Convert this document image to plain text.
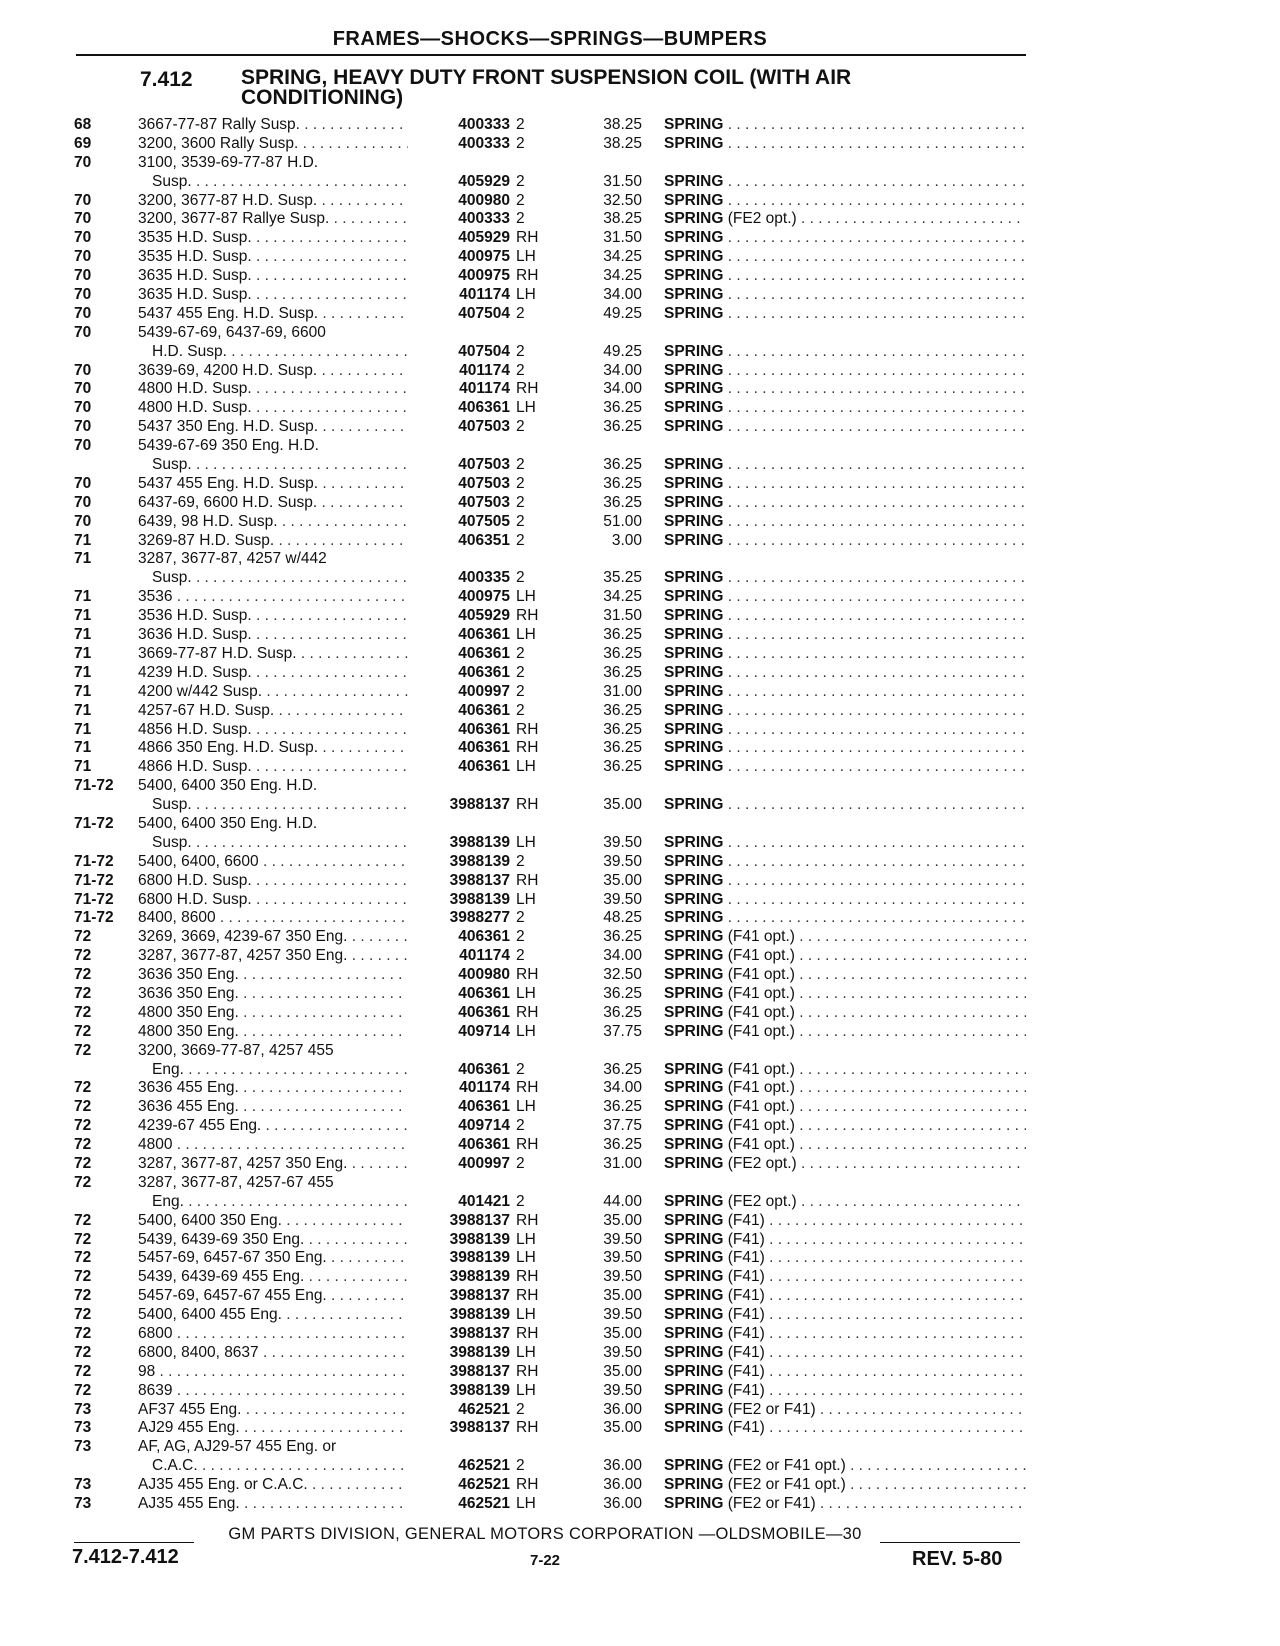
FRAMES—SHOCKS—SPRINGS—BUMPERS
7.412 SPRING, HEAVY DUTY FRONT SUSPENSION COIL (WITH AIR CONDITIONING)
68	3667-77-87 Rally Susp. . . .	400333 2	38.25 SPRING . . .
69	3200, 3600 Rally Susp. . . .	400333 2	38.25 SPRING . . .
70	3100, 3539-69-77-87 H.D.
Susp. . . .	405929 2	31.50 SPRING . . .
70	3200, 3677-87 H.D. Susp. . . .	400980 2	32.50 SPRING . . .
70	3200, 3677-87 Rallye Susp. . . .	400333 2	38.25 SPRING (FE2 opt.) . . .
70	3535 H.D. Susp. . . .	405929 RH	31.50 SPRING . . .
70	3535 H.D. Susp. . . .	400975 LH	34.25 SPRING . . .
70	3635 H.D. Susp. . . .	400975 RH	34.25 SPRING . . .
70	3635 H.D. Susp. . . .	401174 LH	34.00 SPRING . . .
70	5437 455 Eng. H.D. Susp. . . .	407504 2	49.25 SPRING . . .
70	5439-67-69, 6437-69, 6600
H.D. Susp. . . .	407504 2	49.25 SPRING . . .
70	3639-69, 4200 H.D. Susp. . . .	401174 2	34.00 SPRING . . .
70	4800 H.D. Susp. . . .	401174 RH	34.00 SPRING . . .
70	4800 H.D. Susp. . . .	406361 LH	36.25 SPRING . . .
70	5437 350 Eng. H.D. Susp. . . .	407503 2	36.25 SPRING . . .
70	5439-67-69 350 Eng. H.D.
Susp. . . .	407503 2	36.25 SPRING . . .
70	5437 455 Eng. H.D. Susp. . . .	407503 2	36.25 SPRING . . .
70	6437-69, 6600 H.D. Susp. . . .	407503 2	36.25 SPRING . . .
70	6439, 98 H.D. Susp. . . .	407505 2	51.00 SPRING . . .
71	3269-87 H.D. Susp. . . .	406351 2	3.00 SPRING . . .
71	3287, 3677-87, 4257 w/442
Susp. . . .	400335 2	35.25 SPRING . . .
71	3536 . . .	400975 LH	34.25 SPRING . . .
71	3536 H.D. Susp. . . .	405929 RH	31.50 SPRING . . .
71	3636 H.D. Susp. . . .	406361 LH	36.25 SPRING . . .
71	3669-77-87 H.D. Susp. . . .	406361 2	36.25 SPRING . . .
71	4239 H.D. Susp. . . .	406361 2	36.25 SPRING . . .
71	4200 w/442 Susp. . . .	400997 2	31.00 SPRING . . .
71	4257-67 H.D. Susp. . . .	406361 2	36.25 SPRING . . .
71	4856 H.D. Susp. . . .	406361 RH	36.25 SPRING . . .
71	4866 350 Eng. H.D. Susp. . . .	406361 RH	36.25 SPRING . . .
71	4866 H.D. Susp. . . .	406361 LH	36.25 SPRING . . .
71-72	5400, 6400 350 Eng. H.D.
Susp. . . .	3988137 RH	35.00 SPRING . . .
71-72	5400, 6400 350 Eng. H.D.
Susp. . . .	3988139 LH	39.50 SPRING . . .
71-72	5400, 6400, 6600 . . .	3988139 2	39.50 SPRING . . .
71-72	6800 H.D. Susp. . . .	3988137 RH	35.00 SPRING . . .
71-72	6800 H.D. Susp. . . .	3988139 LH	39.50 SPRING . . .
71-72	8400, 8600 . . .	3988277 2	48.25 SPRING . . .
72	3269, 3669, 4239-67 350 Eng. . . .	406361 2	36.25 SPRING (F41 opt.) . . .
72	3287, 3677-87, 4257 350 Eng. . . .	401174 2	34.00 SPRING (F41 opt.) . . .
72	3636 350 Eng. . . .	400980 RH	32.50 SPRING (F41 opt.) . . .
72	3636 350 Eng. . . .	406361 LH	36.25 SPRING (F41 opt.) . . .
72	4800 350 Eng. . . .	406361 RH	36.25 SPRING (F41 opt.) . . .
72	4800 350 Eng. . . .	409714 LH	37.75 SPRING (F41 opt.) . . .
72	3200, 3669-77-87, 4257 455
Eng. . . .	406361 2	36.25 SPRING (F41 opt.) . . .
72	3636 455 Eng. . . .	401174 RH	34.00 SPRING (F41 opt.) . . .
72	3636 455 Eng. . . .	406361 LH	36.25 SPRING (F41 opt.) . . .
72	4239-67 455 Eng. . . .	409714 2	37.75 SPRING (F41 opt.) . . .
72	4800 . . .	406361 RH	36.25 SPRING (F41 opt.) . . .
72	3287, 3677-87, 4257 350 Eng. . . .	400997 2	31.00 SPRING (FE2 opt.) . . .
72	3287, 3677-87, 4257-67 455
Eng. . . .	401421 2	44.00 SPRING (FE2 opt.) . . .
72	5400, 6400 350 Eng. . . .	3988137 RH	35.00 SPRING (F41) . . .
72	5439, 6439-69 350 Eng. . . .	3988139 LH	39.50 SPRING (F41) . . .
72	5457-69, 6457-67 350 Eng. . . .	3988139 LH	39.50 SPRING (F41) . . .
72	5439, 6439-69 455 Eng. . . .	3988139 RH	39.50 SPRING (F41) . . .
72	5457-69, 6457-67 455 Eng. . . .	3988137 RH	35.00 SPRING (F41) . . .
72	5400, 6400 455 Eng. . . .	3988139 LH	39.50 SPRING (F41) . . .
72	6800 . . .	3988137 RH	35.00 SPRING (F41) . . .
72	6800, 8400, 8637 . . .	3988139 LH	39.50 SPRING (F41) . . .
72	98 . . .	3988137 RH	35.00 SPRING (F41) . . .
72	8639 . . .	3988139 LH	39.50 SPRING (F41) . . .
73	AF37 455 Eng. . . .	462521 2	36.00 SPRING (FE2 or F41) . . .
73	AJ29 455 Eng. . . .	3988137 RH	35.00 SPRING (F41) . . .
73	AF, AG, AJ29-57 455 Eng. or
C.A.C. . . .	462521 2	36.00 SPRING (FE2 or F41 opt.) . . .
73	AJ35 455 Eng. or C.A.C. . . .	462521 RH	36.00 SPRING (FE2 or F41 opt.) . . .
73	AJ35 455 Eng. . . .	462521 LH	36.00 SPRING (FE2 or F41) . . .
GM PARTS DIVISION, GENERAL MOTORS CORPORATION —OLDSMOBILE—30
7.412-7.412	7-22	REV. 5-80
